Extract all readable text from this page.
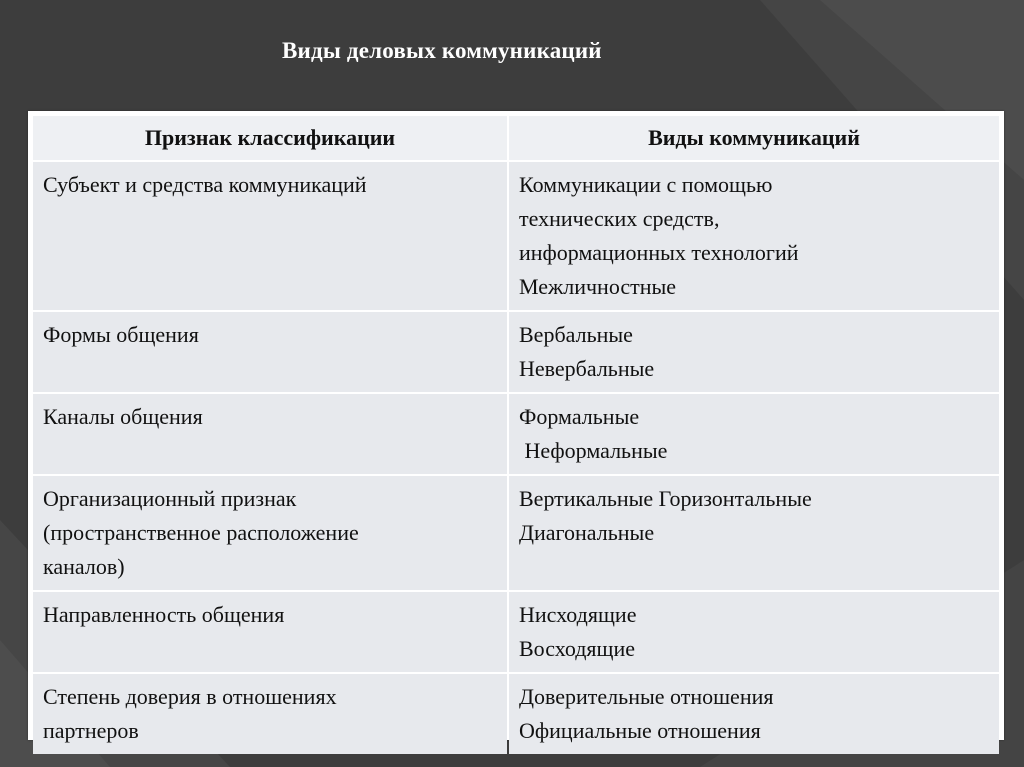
Виды деловых коммуникаций
Признак классификации	Виды коммуникаций

Субъект и средства коммуникаций	Коммуникации с помощью
технических средств,
информационных технологий
Межличностные

Формы общения	Вербальные
Невербальные

Каналы общения	Формальные
Неформальные

Организационный признак
(пространственное расположение
каналов)	Вертикальные Горизонтальные
Диагональные

Направленность общения	Нисходящие
Восходящие

Степень доверия в отношениях
партнеров	Доверительные отношения
Официальные отношения
